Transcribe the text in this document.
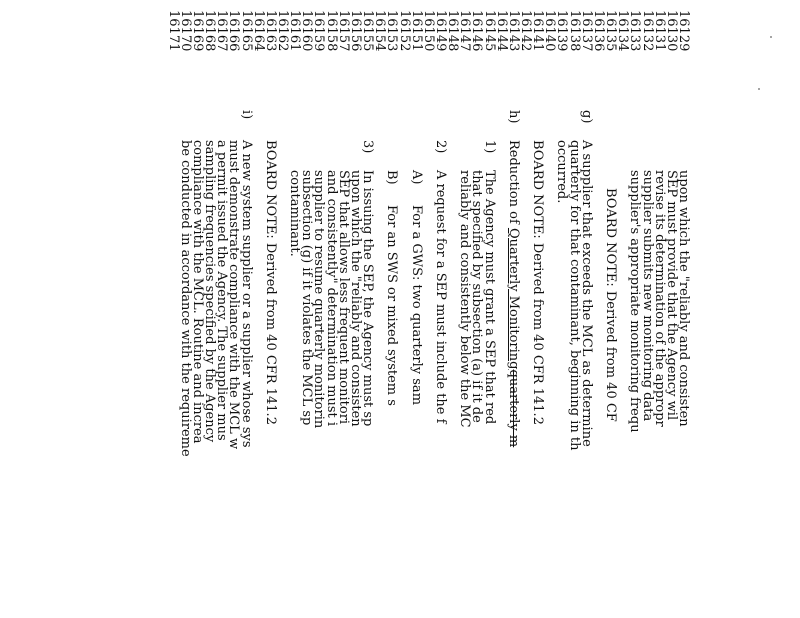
16129
upon which the "reliably and consisten
16130
SEP must provide that the Agency wil
16131
revise its determination of the appropr
16132
supplier submits new monitoring data
16133
supplier's appropriate monitoring frequ
16134
16135
BOARD NOTE: Derived from 40 CF
16136
16137
g)
A supplier that exceeds the MCL as determine
16138
quarterly for that contaminant, beginning in th
16139
occurred.
16140
16141
BOARD NOTE: Derived from 40 CFR 141.2
16142
16143
h)
Reduction of Quarterly Monitoringquarterly m
16144
16145
1)
The Agency must grant a SEP that red
16146
that specified by subsection (a) if it de
16147
reliably and consistently below the MC
16148
16149
2)
A request for a SEP must include the f
16150
16151
A)
For a GWS: two quarterly sam
16152
16153
B)
For an SWS or mixed system s
16154
16155
3)
In issuing the SEP, the Agency must sp
16156
upon which the "reliably and consisten
16157
SEP that allows less frequent monitori
16158
and consistently" determination must i
16159
supplier to resume quarterly monitorin
16160
subsection (g) if it violates the MCL sp
16161
contaminant.
16162
16163
BOARD NOTE: Derived from 40 CFR 141.2
16164
16165
i)
A new system supplier or a supplier whose sys
16166
must demonstrate compliance with the MCL w
16167
a permit issued the Agency. The supplier mus
16168
sampling frequencies specified by the Agency
16169
compliance with the MCL. Routine and increa
16170
be conducted in accordance with the requireme
16171
